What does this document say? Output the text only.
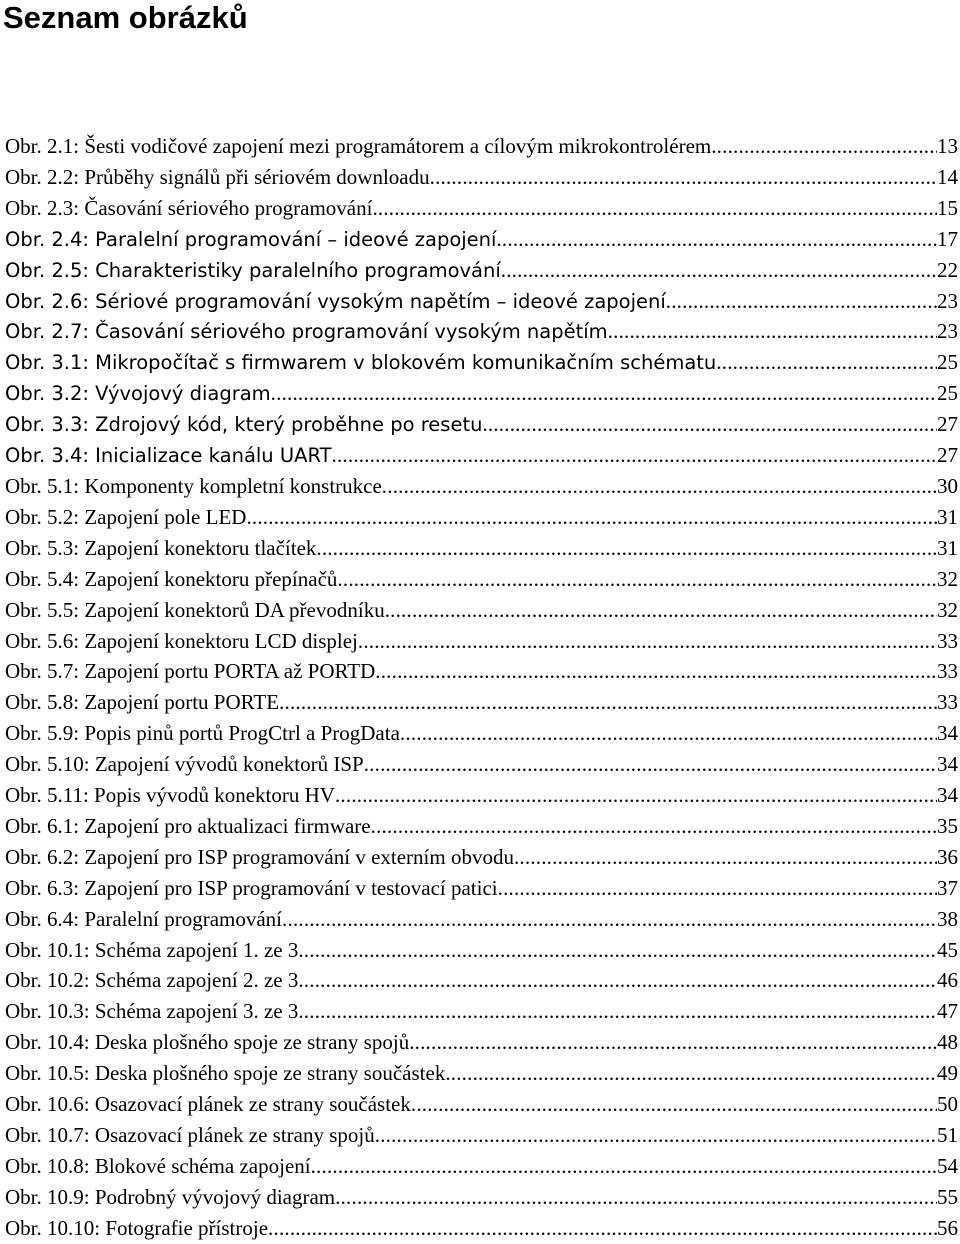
Seznam obrázků
Obr. 2.1: Šesti vodičové zapojení mezi programátorem a cílovým mikrokontrolérem .....	13
Obr. 2.2: Průběhy signálů při sériovém downloadu .....	14
Obr. 2.3: Časování sériového programování .....	15
Obr. 2.4: Paralelní programování – ideové zapojení .....	17
Obr. 2.5: Charakteristiky paralelního programování .....	22
Obr. 2.6: Sériové programování vysokým napětím – ideové zapojení .....	23
Obr. 2.7: Časování sériového programování vysokým napětím .....	23
Obr. 3.1: Mikropočítač s firmwarem v blokovém komunikačním schématu .....	25
Obr. 3.2: Vývojový diagram .....	25
Obr. 3.3: Zdrojový kód, který proběhne po resetu .....	27
Obr. 3.4: Inicializace kanálu UART .....	27
Obr. 5.1: Komponenty kompletní konstrukce .....	30
Obr. 5.2: Zapojení pole LED .....	31
Obr. 5.3: Zapojení konektoru tlačítek .....	31
Obr. 5.4: Zapojení konektoru přepínačů .....	32
Obr. 5.5: Zapojení konektorů DA převodníku .....	32
Obr. 5.6: Zapojení konektoru LCD displej .....	33
Obr. 5.7: Zapojení portu PORTA až PORTD .....	33
Obr. 5.8: Zapojení portu PORTE .....	33
Obr. 5.9: Popis pinů portů ProgCtrl a ProgData .....	34
Obr. 5.10: Zapojení vývodů konektorů ISP .....	34
Obr. 5.11: Popis vývodů konektoru HV .....	34
Obr. 6.1: Zapojení pro aktualizaci firmware .....	35
Obr. 6.2: Zapojení pro ISP programování v externím obvodu .....	36
Obr. 6.3: Zapojení pro ISP programování v testovací patici .....	37
Obr. 6.4: Paralelní programování .....	38
Obr. 10.1: Schéma zapojení 1. ze 3 .....	45
Obr. 10.2: Schéma zapojení 2. ze 3 .....	46
Obr. 10.3: Schéma zapojení 3. ze 3 .....	47
Obr. 10.4: Deska plošného spoje ze strany spojů .....	48
Obr. 10.5: Deska plošného spoje ze strany součástek .....	49
Obr. 10.6: Osazovací plánek ze strany součástek .....	50
Obr. 10.7: Osazovací plánek ze strany spojů .....	51
Obr. 10.8: Blokové schéma zapojení .....	54
Obr. 10.9: Podrobný vývojový diagram .....	55
Obr. 10.10: Fotografie přístroje .....	56
